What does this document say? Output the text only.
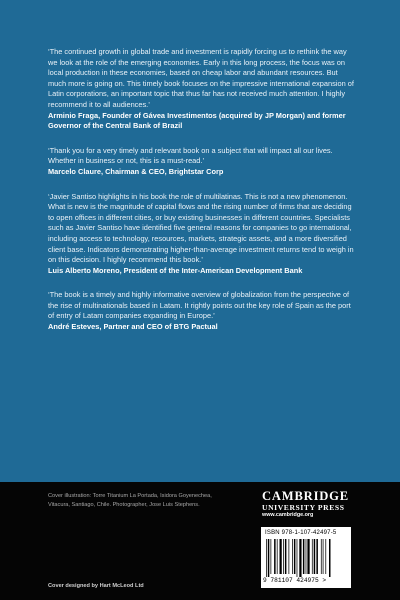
‘The continued growth in global trade and investment is rapidly forcing us to rethink the way we look at the role of the emerging economies. Early in this long process, the focus was on local production in these economies, based on cheap labor and abundant resources. But much more is going on. This timely book focuses on the impressive international expansion of Latin corporations, an important topic that thus far has not received much attention. I highly recommend it to all audiences.’

Arminio Fraga, Founder of Gávea Investimentos (acquired by JP Morgan) and former Governor of the Central Bank of Brazil

‘Thank you for a very timely and relevant book on a subject that will impact all our lives. Whether in business or not, this is a must-read.’

Marcelo Claure, Chairman & CEO, Brightstar Corp

‘Javier Santiso highlights in his book the role of multilatinas. This is not a new phenomenon. What is new is the magnitude of capital flows and the rising number of firms that are deciding to open offices in different cities, or buy existing businesses in different countries. Specialists such as Javier Santiso have identified five general reasons for companies to go international, including access to technology, resources, markets, strategic assets, and a more diversified client base. Indicators demonstrating higher-than-average investment returns tend to weigh in on this decision. I highly recommend this book.’

Luis Alberto Moreno, President of the Inter-American Development Bank

‘The book is a timely and highly informative overview of globalization from the perspective of the rise of multinationals based in Latam. It rightly points out the key role of Spain as the port of entry of Latam companies expanding in Europe.’

André Esteves, Partner and CEO of BTG Pactual

Cover illustration: Torre Titanium La Portada, Isidora Goyenechea, Vitacura, Santiago, Chile. Photographer, Jose Luis Stephens.

Cover designed by Hart McLeod Ltd

CAMBRIDGE

UNIVERSITY PRESS

www.cambridge.org

ISBN 978-1-107-42497-5
9 781107 424975 >
